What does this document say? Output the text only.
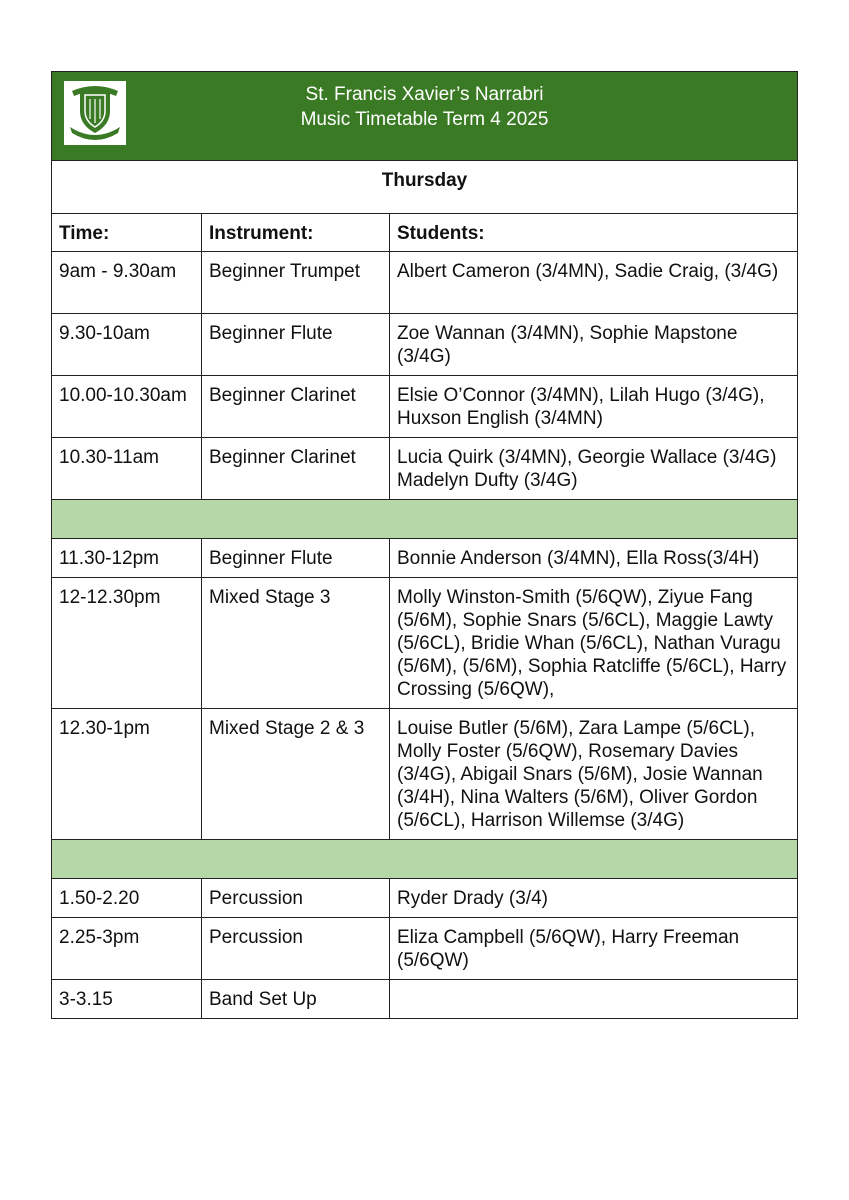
St. Francis Xavier’s Narrabri
Music Timetable Term 4 2025		

Thursday		
Time:	Instrument:	Students:
9am - 9.30am	Beginner Trumpet	Albert Cameron (3/4MN), Sadie Craig, (3/4G)
9.30-10am	Beginner Flute	Zoe Wannan (3/4MN), Sophie Mapstone (3/4G)
10.00-10.30am	Beginner Clarinet	Elsie O’Connor (3/4MN), Lilah Hugo (3/4G), Huxson English (3/4MN)
10.30-11am	Beginner Clarinet	Lucia Quirk (3/4MN), Georgie Wallace (3/4G) Madelyn Dufty (3/4G)

11.30-12pm	Beginner Flute	Bonnie Anderson (3/4MN), Ella Ross(3/4H)
12-12.30pm	Mixed Stage 3	Molly Winston-Smith (5/6QW), Ziyue Fang (5/6M), Sophie Snars (5/6CL), Maggie Lawty (5/6CL), Bridie Whan (5/6CL), Nathan Vuragu (5/6M), (5/6M), Sophia Ratcliffe (5/6CL), Harry Crossing (5/6QW),
12.30-1pm	Mixed Stage 2 & 3	Louise Butler (5/6M), Zara Lampe (5/6CL), Molly Foster (5/6QW), Rosemary Davies (3/4G), Abigail Snars (5/6M), Josie Wannan (3/4H), Nina Walters (5/6M), Oliver Gordon (5/6CL), Harrison Willemse (3/4G)

1.50-2.20	Percussion	Ryder Drady (3/4)
2.25-3pm	Percussion	Eliza Campbell (5/6QW), Harry Freeman (5/6QW)
3-3.15	Band Set Up	
